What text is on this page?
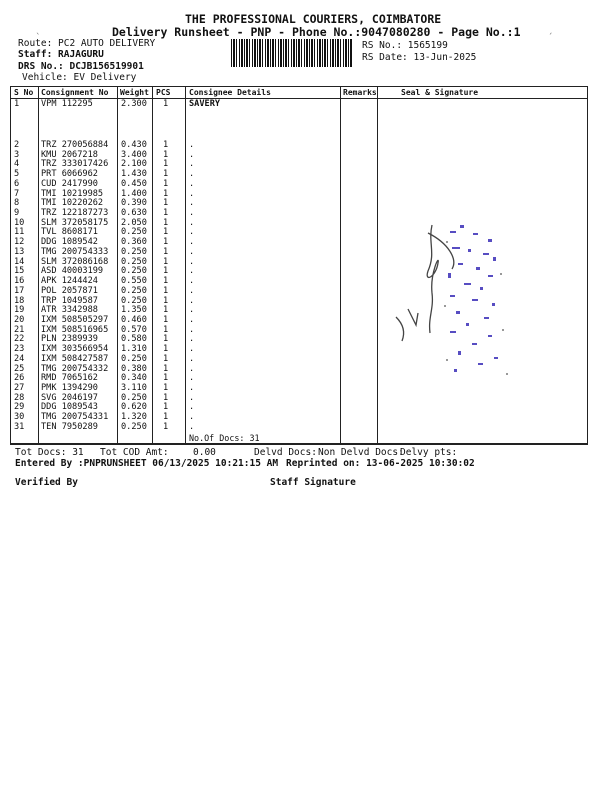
ˎ	ˏ
THE PROFESSIONAL COURIERS, COIMBATORE
Delivery Runsheet - PNP - Phone No.:9047080280 - Page No.:1
Route: PC2 AUTO DELIVERY
Staff: RAJAGURU
DRS No.: DCJB156519901
Vehicle: EV Delivery
RS No.: 1565199
RS Date: 13-Jun-2025
S No Consignment No Weight PCS Consignee Details	Remarks	Seal & Signature
1	VPM 112295	2.300 1 SAVERY
2	TRZ 270056884 0.430 1 .
3	KMU 2067218	3.400 1 .
4	TRZ 333017426 2.100 1 .
5	PRT 6066962	1.430 1 .
6	CUD 2417990	0.450 1 .
7	TMI 10219985 1.400 1 .
8	TMI 10220262 0.390 1 .
9	TRZ 122187273 0.630 1 .
10 SLM 372058175 2.050 1 .
11 TVL 8608171	0.250 1 .
12 DDG 1089542	0.360 1 .
13 TMG 200754333 0.250 1 .
14 SLM 372086168 0.250 1 .
15 ASD 40003199 0.250 1 .
16 APK 1244424	0.550 1 .
17 POL 2057871	0.250 1 .
18 TRP 1049587	0.250 1 .
19 ATR 3342988	1.350 1 .
20 IXM 508505297 0.460 1 .
21 IXM 508516965 0.570 1 .
22 PLN 2389939	0.580 1 .
23 IXM 303566954 1.310 1 .
24 IXM 508427587 0.250 1 .
25 TMG 200754332 0.380 1 .
26 RMD 7065162	0.340 1 .
27 PMK 1394290	3.110 1 .
28 SVG 2046197	0.250 1 .
29 DDG 1089543	0.620 1 .
30 TMG 200754331 1.320 1 .
31 TEN 7950289	0.250 1 .
No.Of Docs: 31
Tot Docs: 31 Tot COD Amt:	0.00	Delvd Docs: Non Delvd Docs:
Delvy pts:
Entered By :PNPRUNSHEET 06/13/2025 10:21:15 AM Reprinted on: 13-06-2025 10:30:02
Verified By	Staff Signature
